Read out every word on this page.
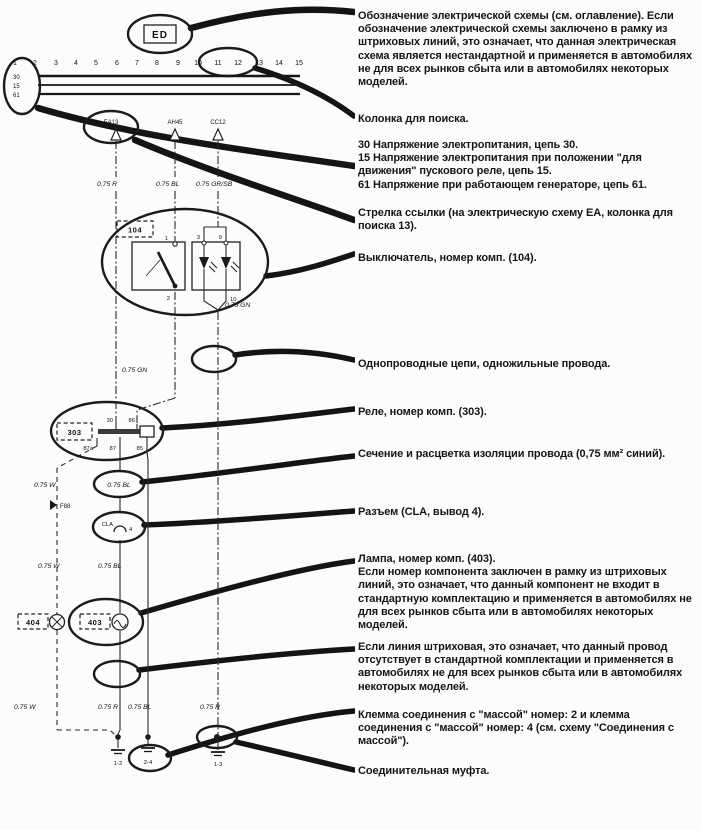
ED
1 2 3 4 5 6 7 8 9 10 11 12 13 14 15
30
15
61
EA13	AH45	CC12
0.75 R	0.75 BL 0.75 GR/SB
0.75 GN
0.75 GN
0.75 W
0.75 W	0.75 BL
0.75 W	0.75 R 0.75 BL	0.75 R
F88
104
1	3	9
2	10
303
30	86
87a	87	85
0.75 BL
CLA
4
404	403
1-2	2-4	1-3
Обозначение электрической схемы (см. оглавление). Если обозначение электрической схемы заключено в рамку из штриховых линий, это означает, что данная электрическая схема является нестандартной и применяется в автомобилях не для всех рынков сбыта или в автомобилях некоторых моделей.
Колонка для поиска.

30 Напряжение электропитания, цепь 30.

15 Напряжение электропитания при положении "для движения" пускового реле, цепь 15.

61 Напряжение при работающем генераторе, цепь 61.

Стрелка ссылки (на электрическую схему ЕА, колонка для поиска 13).
Выключатель, номер комп. (104).
Однопроводные цепи, одножильные провода.
Реле, номер комп. (303).
Сечение и расцветка изоляции провода (0,75 мм² синий).
Разъем (CLA, вывод 4).

Лампа, номер комп. (403).

Если номер компонента заключен в рамку из штриховых линий, это означает, что данный компонент не входит в стандартную комплектацию и применяется в автомобилях не для всех рынков сбыта или в автомобилях некоторых моделей.

Если линия штриховая, это означает, что данный провод отсутствует в стандартной комплектации и применяется в автомобилях не для всех рынков сбыта или в автомобилях некоторых моделей.
Клемма соединения с "массой" номер: 2 и клемма соединения с "массой" номер: 4 (см. схему "Соединения с массой").
Соединительная муфта.
